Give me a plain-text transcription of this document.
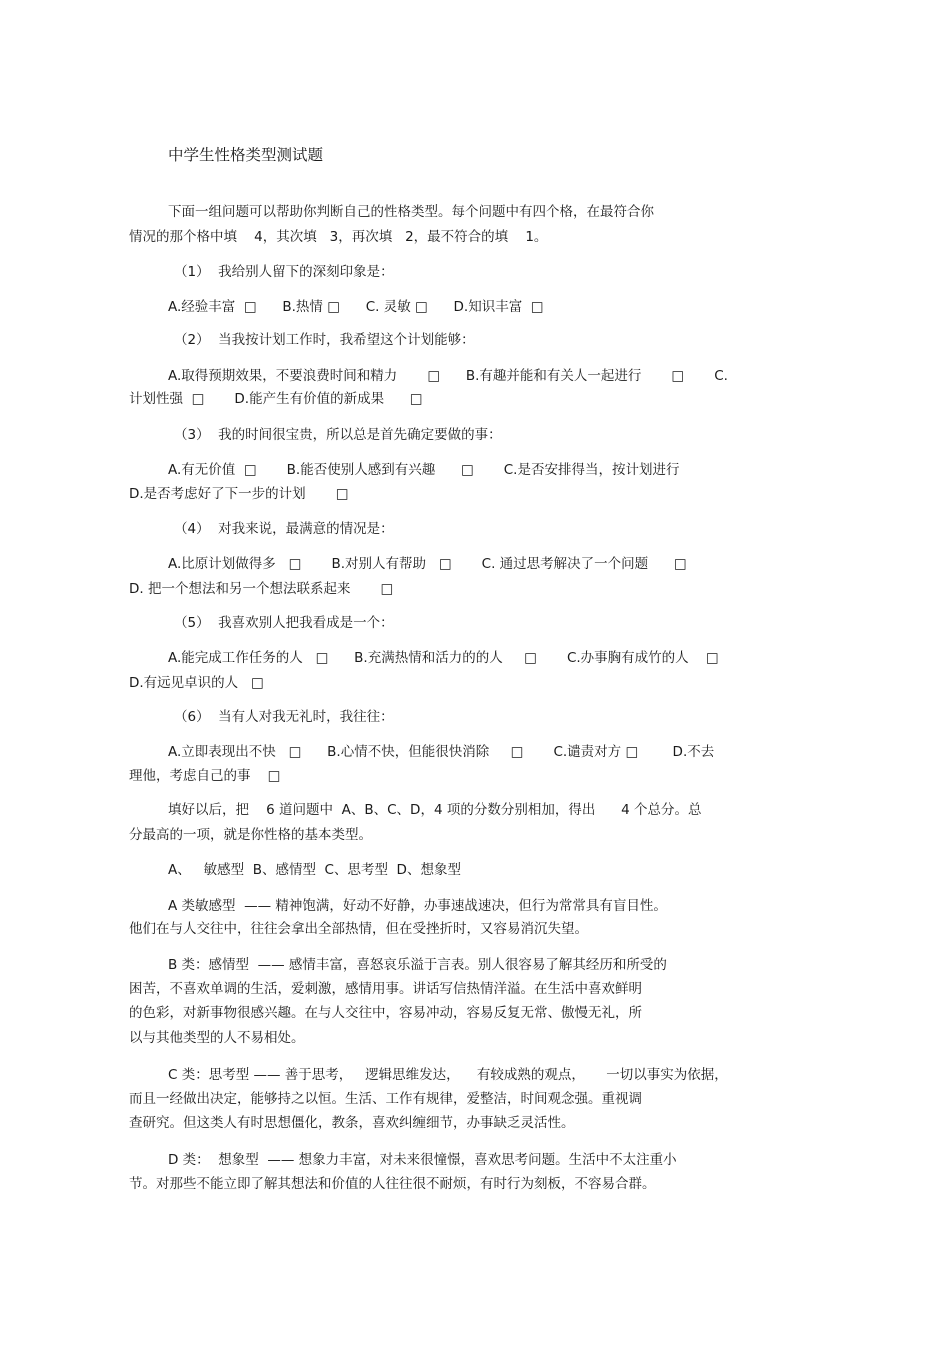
中学生性格类型测试题
下面一组问题可以帮助你判断自己的性格类型。每个问题中有四个格，在最符合你
情况的那个格中填    4，其次填   3，再次填   2，最不符合的填    1。
（1）  我给别人留下的深刻印象是：
A.经验丰富  □      B.热情 □      C. 灵敏 □      D.知识丰富  □
（2）  当我按计划工作时，我希望这个计划能够：
A.取得预期效果，不要浪费时间和精力       □      B.有趣并能和有关人一起进行       □       C.
计划性强  □       D.能产生有价值的新成果      □
（3）  我的时间很宝贵，所以总是首先确定要做的事：
A.有无价值  □       B.能否使别人感到有兴趣      □       C.是否安排得当，按计划进行
D.是否考虑好了下一步的计划       □
（4）  对我来说，最满意的情况是：
A.比原计划做得多   □       B.对别人有帮助   □       C. 通过思考解决了一个问题      □
D. 把一个想法和另一个想法联系起来       □
（5）  我喜欢别人把我看成是一个：
A.能完成工作任务的人   □      B.充满热情和活力的的人     □       C.办事胸有成竹的人    □
D.有远见卓识的人   □
（6）  当有人对我无礼时，我往往：
A.立即表现出不快   □      B.心情不快，但能很快消除     □       C.谴责对方 □        D.不去
理他，考虑自己的事    □
填好以后，把    6 道问题中  A、B、C、D，4 项的分数分别相加，得出      4 个总分。总
分最高的一项，就是你性格的基本类型。
A、   敏感型  B、感情型  C、思考型  D、想象型
A 类敏感型  —— 精神饱满，好动不好静，办事速战速决，但行为常常具有盲目性。
他们在与人交往中，往往会拿出全部热情，但在受挫折时，又容易消沉失望。
B 类：感情型  —— 感情丰富，喜怒哀乐溢于言表。别人很容易了解其经历和所受的
困苦，不喜欢单调的生活，爱刺激，感情用事。讲话写信热情洋溢。在生活中喜欢鲜明
的色彩，对新事物很感兴趣。在与人交往中，容易冲动，容易反复无常、傲慢无礼，所
以与其他类型的人不易相处。
C 类：思考型 —— 善于思考，   逻辑思维发达，    有较成熟的观点，     一切以事实为依据，
而且一经做出决定，能够持之以恒。生活、工作有规律，爱整洁，时间观念强。重视调
查研究。但这类人有时思想僵化，教条，喜欢纠缠细节，办事缺乏灵活性。
D 类：  想象型  —— 想象力丰富，对未来很憧憬，喜欢思考问题。生活中不太注重小
节。对那些不能立即了解其想法和价值的人往往很不耐烦，有时行为刻板，不容易合群。
